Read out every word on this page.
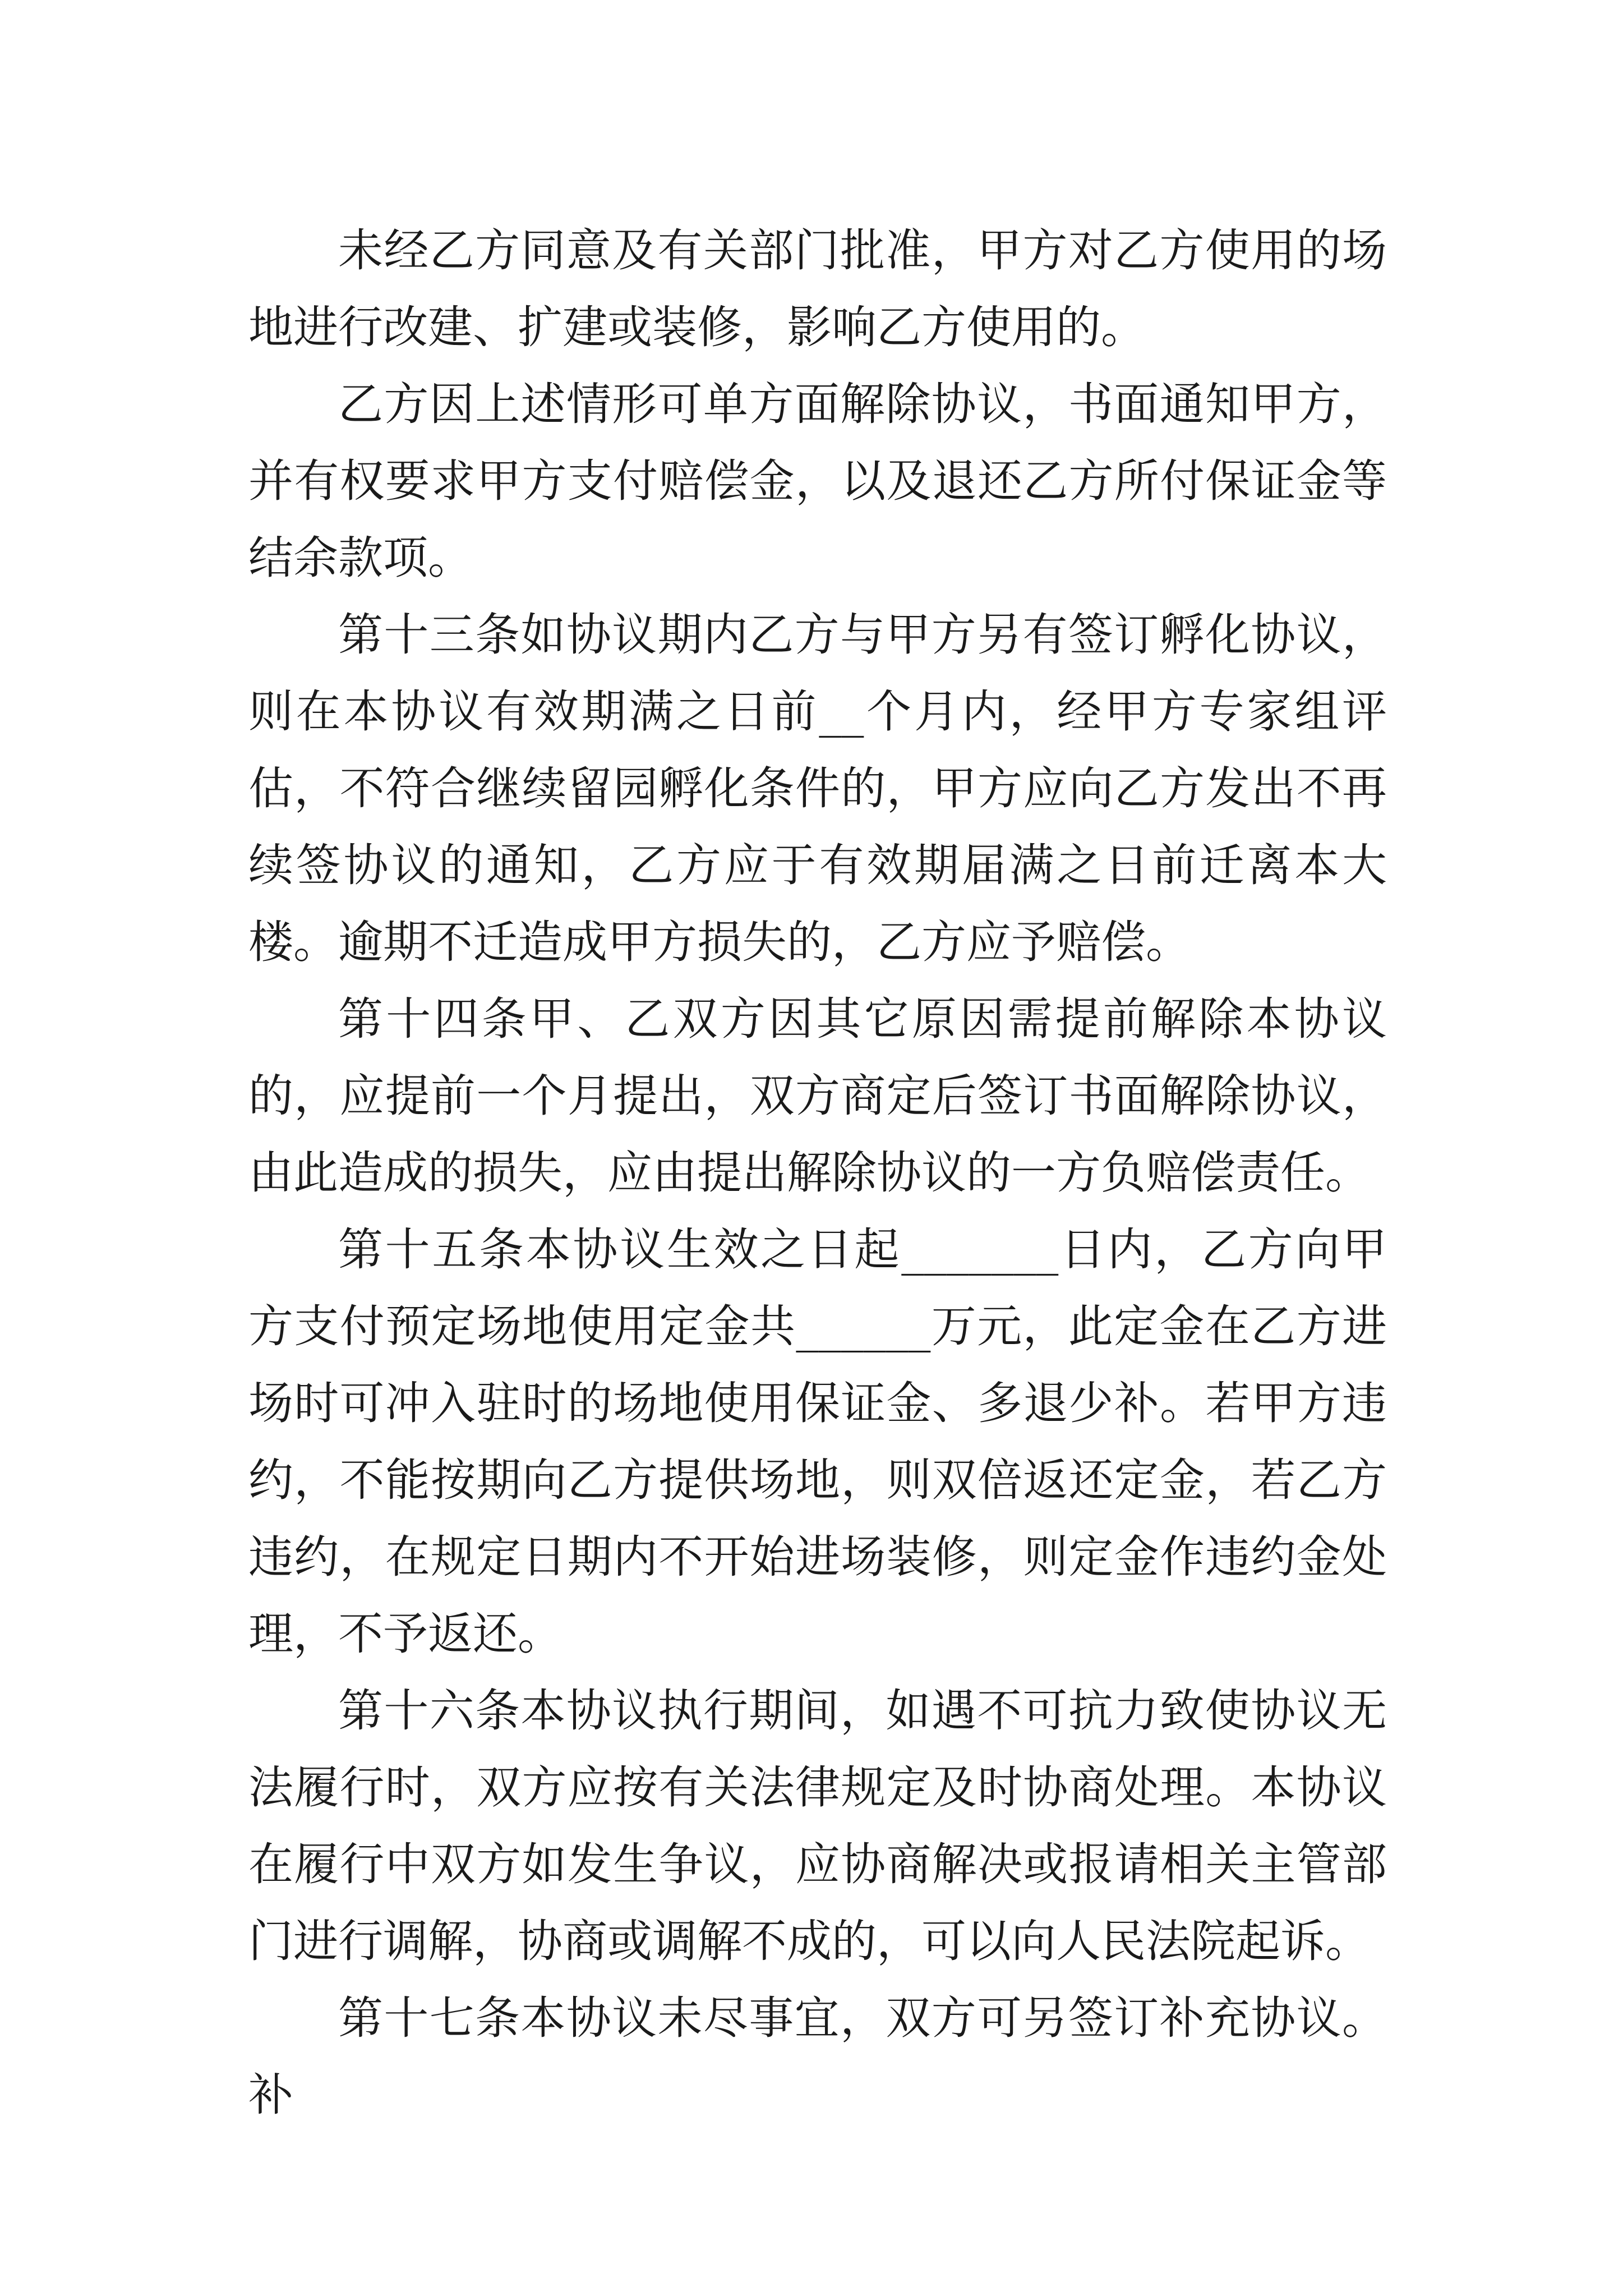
未经乙方同意及有关部门批准，甲方对乙方使用的场地进行改建、扩建或装修，影响乙方使用的。

乙方因上述情形可单方面解除协议，书面通知甲方，并有权要求甲方支付赔偿金，以及退还乙方所付保证金等结余款项。

第十三条如协议期内乙方与甲方另有签订孵化协议，则在本协议有效期满之日前__个月内，经甲方专家组评估，不符合继续留园孵化条件的，甲方应向乙方发出不再续签协议的通知，乙方应于有效期届满之日前迁离本大楼。逾期不迁造成甲方损失的，乙方应予赔偿。

第十四条甲、乙双方因其它原因需提前解除本协议的，应提前一个月提出，双方商定后签订书面解除协议，由此造成的损失，应由提出解除协议的一方负赔偿责任。

第十五条本协议生效之日起_______日内，乙方向甲方支付预定场地使用定金共______万元，此定金在乙方进场时可冲入驻时的场地使用保证金、多退少补。若甲方违约，不能按期向乙方提供场地，则双倍返还定金，若乙方违约，在规定日期内不开始进场装修，则定金作违约金处理，不予返还。

第十六条本协议执行期间，如遇不可抗力致使协议无法履行时，双方应按有关法律规定及时协商处理。本协议在履行中双方如发生争议，应协商解决或报请相关主管部门进行调解，协商或调解不成的，可以向人民法院起诉。

第十七条本协议未尽事宜，双方可另签订补充协议。补
